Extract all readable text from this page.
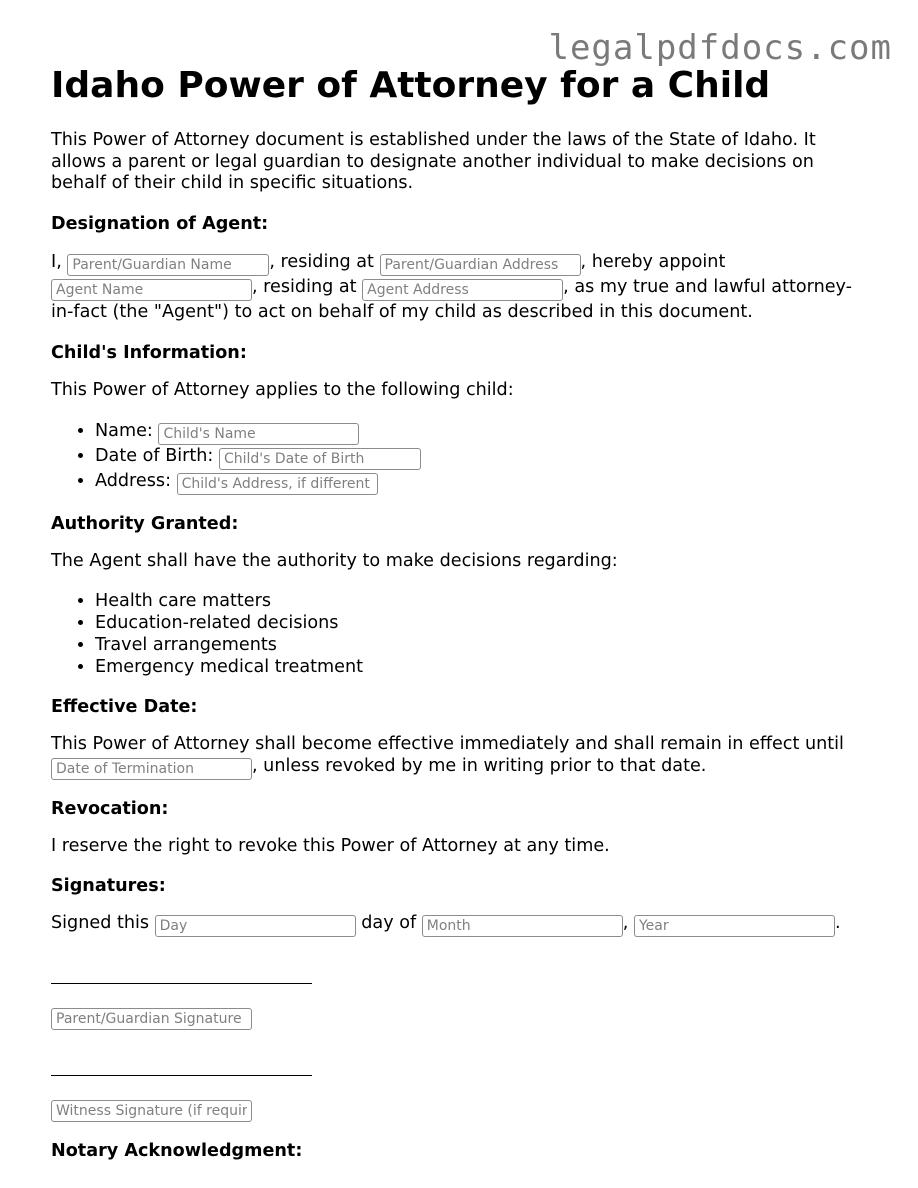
legalpdfdocs.com
Idaho Power of Attorney for a Child

This Power of Attorney document is established under the laws of the State of Idaho. It allows a parent or legal guardian to designate another individual to make decisions on behalf of their child in specific situations.

Designation of Agent:

I, Parent/Guardian Name	, residing at Parent/Guardian Address	, hereby appoint Agent Name, residing at Agent Address	, as my true and lawful attorney-in-fact (the "Agent") to act on behalf of my child as described in this document.

Child's Information:

This Power of Attorney applies to the following child:

• Name: Child's Name
• Date of Birth: Child's Date of Birth
• Address: Child's Address, if different
Authority Granted:

The Agent shall have the authority to make decisions regarding:

• Health care matters
• Education-related decisions
• Travel arrangements
• Emergency medical treatment
Effective Date:

This Power of Attorney shall become effective immediately and shall remain in effect until Date of Termination, unless revoked by me in writing prior to that date.

Revocation:

I reserve the right to revoke this Power of Attorney at any time.

Signatures:

Signed this Day	day of Month	, Year	.

Parent/Guardian Signature
Witness Signature (if required)
Notary Acknowledgment:
